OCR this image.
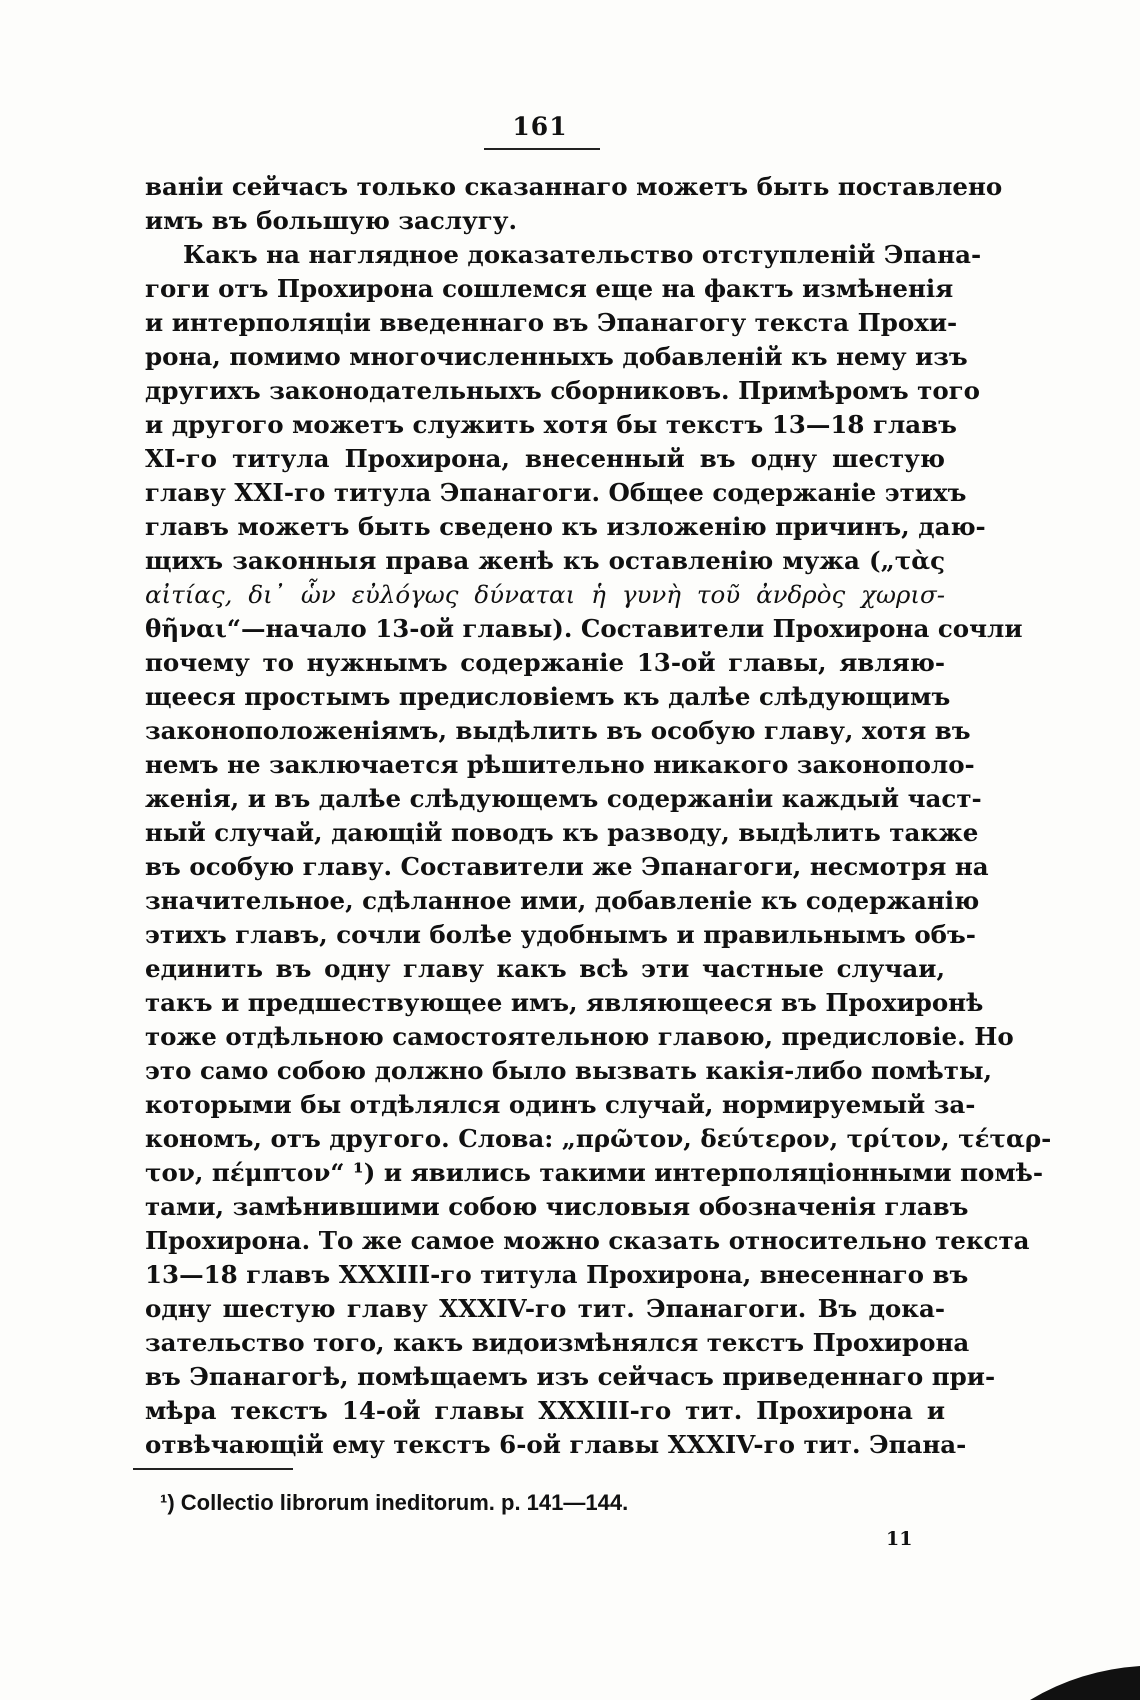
161
ваніи сейчасъ только сказаннаго можетъ быть поставлено
имъ въ большую заслугу.
Какъ на наглядное доказательство отступленій Эпана-
гоги отъ Прохирона сошлемся еще на фактъ измѣненія
и интерполяціи введеннаго въ Эпанагогу текста Прохи-
рона, помимо многочисленныхъ добавленій къ нему изъ
другихъ законодательныхъ сборниковъ. Примѣромъ того
и другого можетъ служить хотя бы текстъ 13—18 главъ
XI-го титула Прохирона, внесенный въ одну шестую
главу XXI-го титула Эпанагоги. Общее содержаніе этихъ
главъ можетъ быть сведено къ изложенію причинъ, даю-
щихъ законныя права женѣ къ оставленію мужа („τὰς
αἰτίας, δι᾽ ὧν εὐλόγως δύναται ἡ γυνὴ τοῦ ἀνδρὸς χωρισ-
θῆναι“—начало 13-ой главы). Составители Прохирона сочли
почему то нужнымъ содержаніе 13-ой главы, являю-
щееся простымъ предисловіемъ къ далѣе слѣдующимъ
законоположеніямъ, выдѣлить въ особую главу, хотя въ
немъ не заключается рѣшительно никакого законополо-
женія, и въ далѣе слѣдующемъ содержаніи каждый част-
ный случай, дающій поводъ къ разводу, выдѣлить также
въ особую главу. Составители же Эпанагоги, несмотря на
значительное, сдѣланное ими, добавленіе къ содержанію
этихъ главъ, сочли болѣе удобнымъ и правильнымъ объ-
единить въ одну главу какъ всѣ эти частные случаи,
такъ и предшествующее имъ, являющееся въ Прохиронѣ
тоже отдѣльною самостоятельною главою, предисловіе. Но
это само собою должно было вызвать какія-либо помѣты,
которыми бы отдѣлялся одинъ случай, нормируемый за-
кономъ, отъ другого. Слова: „πρῶτον, δεύτερον, τρίτον, τέταρ-
τον, πέμπτον“ ¹) и явились такими интерполяціонными помѣ-
тами, замѣнившими собою числовыя обозначенія главъ
Прохирона. То же самое можно сказать относительно текста
13—18 главъ XXXIII-го титула Прохирона, внесеннаго въ
одну шестую главу XXXIV-го тит. Эпанагоги. Въ дока-
зательство того, какъ видоизмѣнялся текстъ Прохирона
въ Эпанагогѣ, помѣщаемъ изъ сейчасъ приведеннаго при-
мѣра текстъ 14-ой главы XXXIII-го тит. Прохирона и
отвѣчающій ему текстъ 6-ой главы XXXIV-го тит. Эпана-
¹) Collectio librorum ineditorum. p. 141—144.
11
